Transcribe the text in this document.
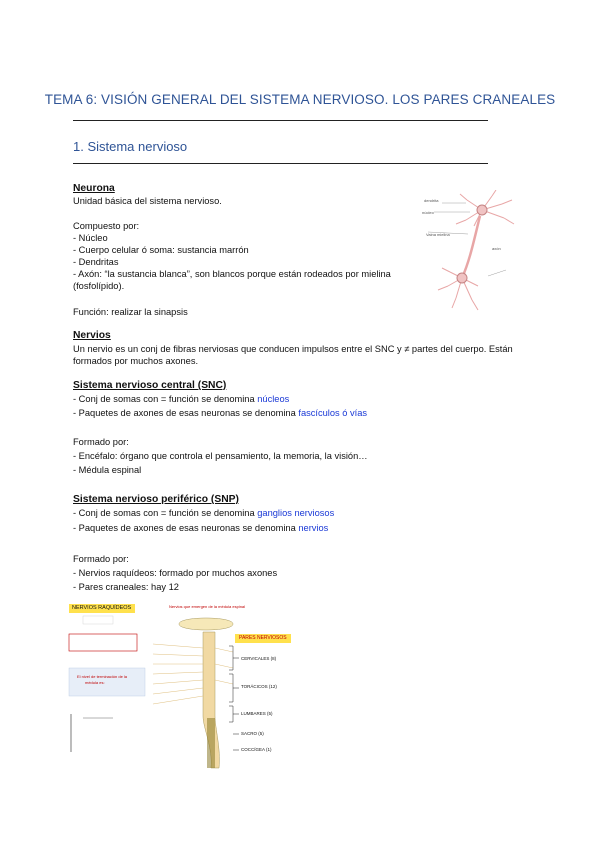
TEMA 6: VISIÓN GENERAL DEL SISTEMA NERVIOSO. LOS PARES CRANEALES
1. Sistema nervioso
Neurona
Unidad básica del sistema nervioso.
Compuesto por:
- Núcleo
- Cuerpo celular ó soma: sustancia marrón
- Dendritas
- Axón: “la sustancia blanca”, son blancos porque están rodeados por mielina
(fosfolípido).
Función: realizar la sinapsis
dendrita
núcleo
Vaina mielina
axón
Nervios
Un nervio es un conj de fibras nerviosas que conducen impulsos entre el SNC y ≠ partes del cuerpo. Están
formados por muchos axones.
Sistema nervioso central (SNC)
- Conj de somas con = función se denomina núcleos
- Paquetes de axones de esas neuronas se denomina fascículos ó vías
Formado por:
- Encéfalo: órgano que controla el pensamiento, la memoria, la visión…
- Médula espinal
Sistema nervioso periférico (SNP)
- Conj de somas con = función se denomina ganglios nerviosos
- Paquetes de axones de esas neuronas se denomina nervios
Formado por:
- Nervios raquídeos: formado por muchos axones
- Pares craneales: hay 12
Nervios que emergen de la médula espinal
El nivel de terminación de la
médula es:
NERVIOS RAQUÍDEOS
PARES NERVIOSOS
CERVICALES (8)
TORÁCICOS (12)
LUMBARES (5)
SACRO (5)
COCCÍGEA (1)
